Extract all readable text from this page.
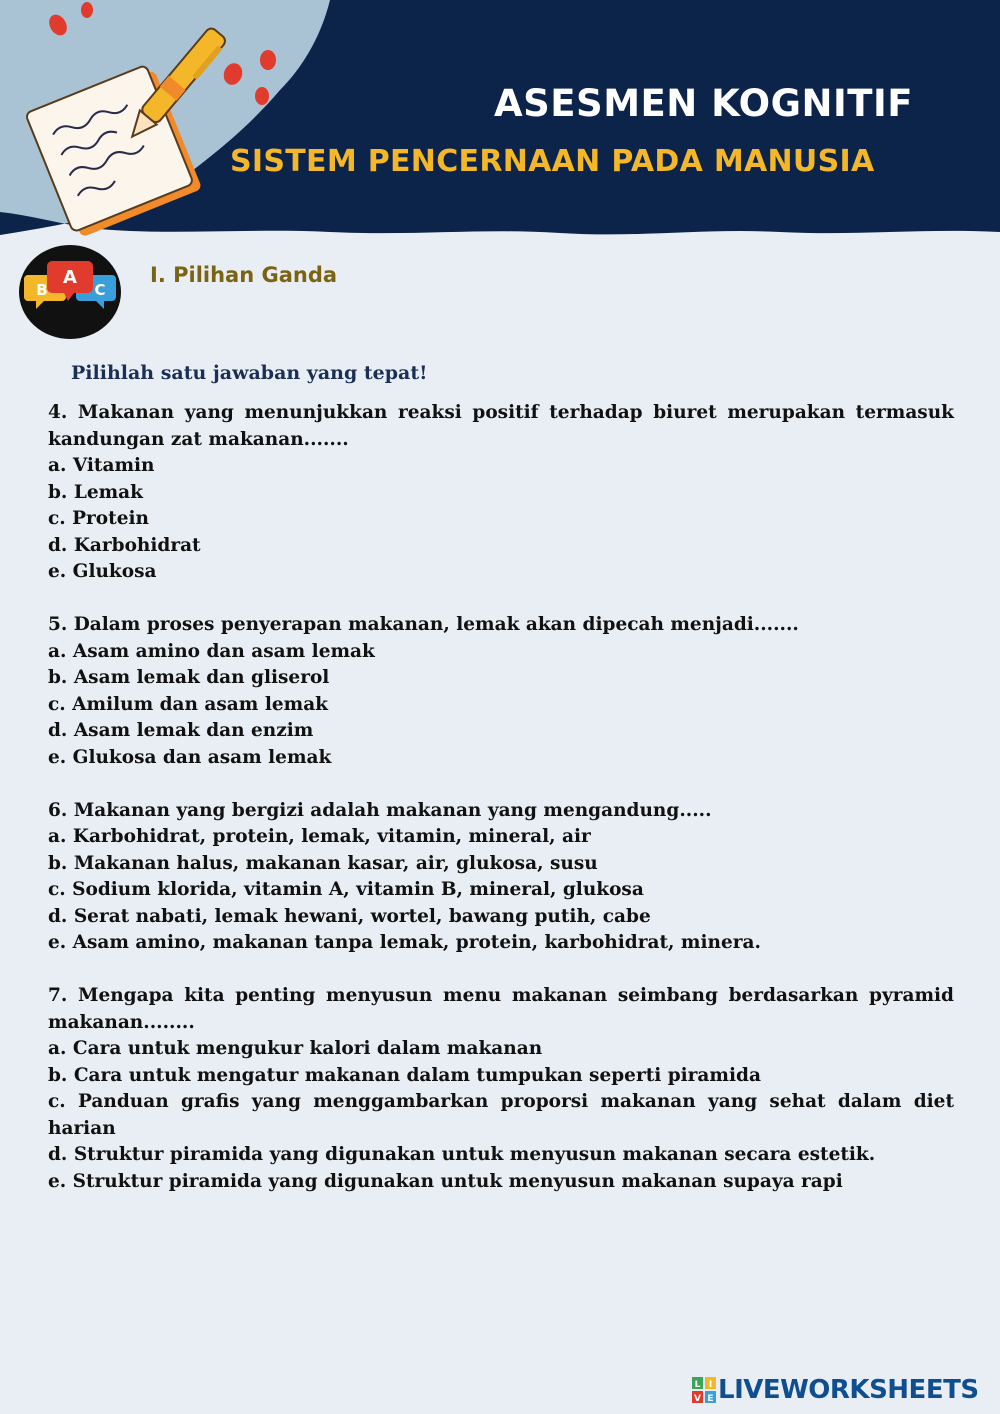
ASESMEN KOGNITIF
SISTEM PENCERNAAN PADA MANUSIA
B
A
C
I. Pilihan Ganda
Pilihlah satu jawaban yang tepat!
4. Makanan yang menunjukkan reaksi positif terhadap biuret merupakan termasuk kandungan zat makanan.......
a. Vitamin
b. Lemak
c. Protein
d. Karbohidrat
e. Glukosa
5. Dalam proses penyerapan makanan, lemak akan dipecah menjadi.......
a. Asam amino dan asam lemak
b. Asam lemak dan gliserol
c. Amilum dan asam lemak
d. Asam lemak dan enzim
e. Glukosa dan asam lemak
6. Makanan yang bergizi adalah makanan yang mengandung.....
a. Karbohidrat, protein, lemak, vitamin, mineral, air
b. Makanan halus, makanan kasar, air, glukosa, susu
c. Sodium klorida, vitamin A, vitamin B, mineral, glukosa
d. Serat nabati, lemak hewani, wortel, bawang putih, cabe
e. Asam amino, makanan tanpa lemak, protein, karbohidrat, minera.
7. Mengapa kita penting menyusun menu makanan seimbang berdasarkan pyramid makanan........
a. Cara untuk mengukur kalori dalam makanan
b. Cara untuk mengatur makanan dalam tumpukan seperti piramida
c. Panduan grafis yang menggambarkan proporsi makanan yang sehat dalam diet harian
d. Struktur piramida yang digunakan untuk menyusun makanan secara estetik.
e. Struktur piramida yang digunakan untuk menyusun makanan supaya rapi
L I
V E LIVEWORKSHEETS
